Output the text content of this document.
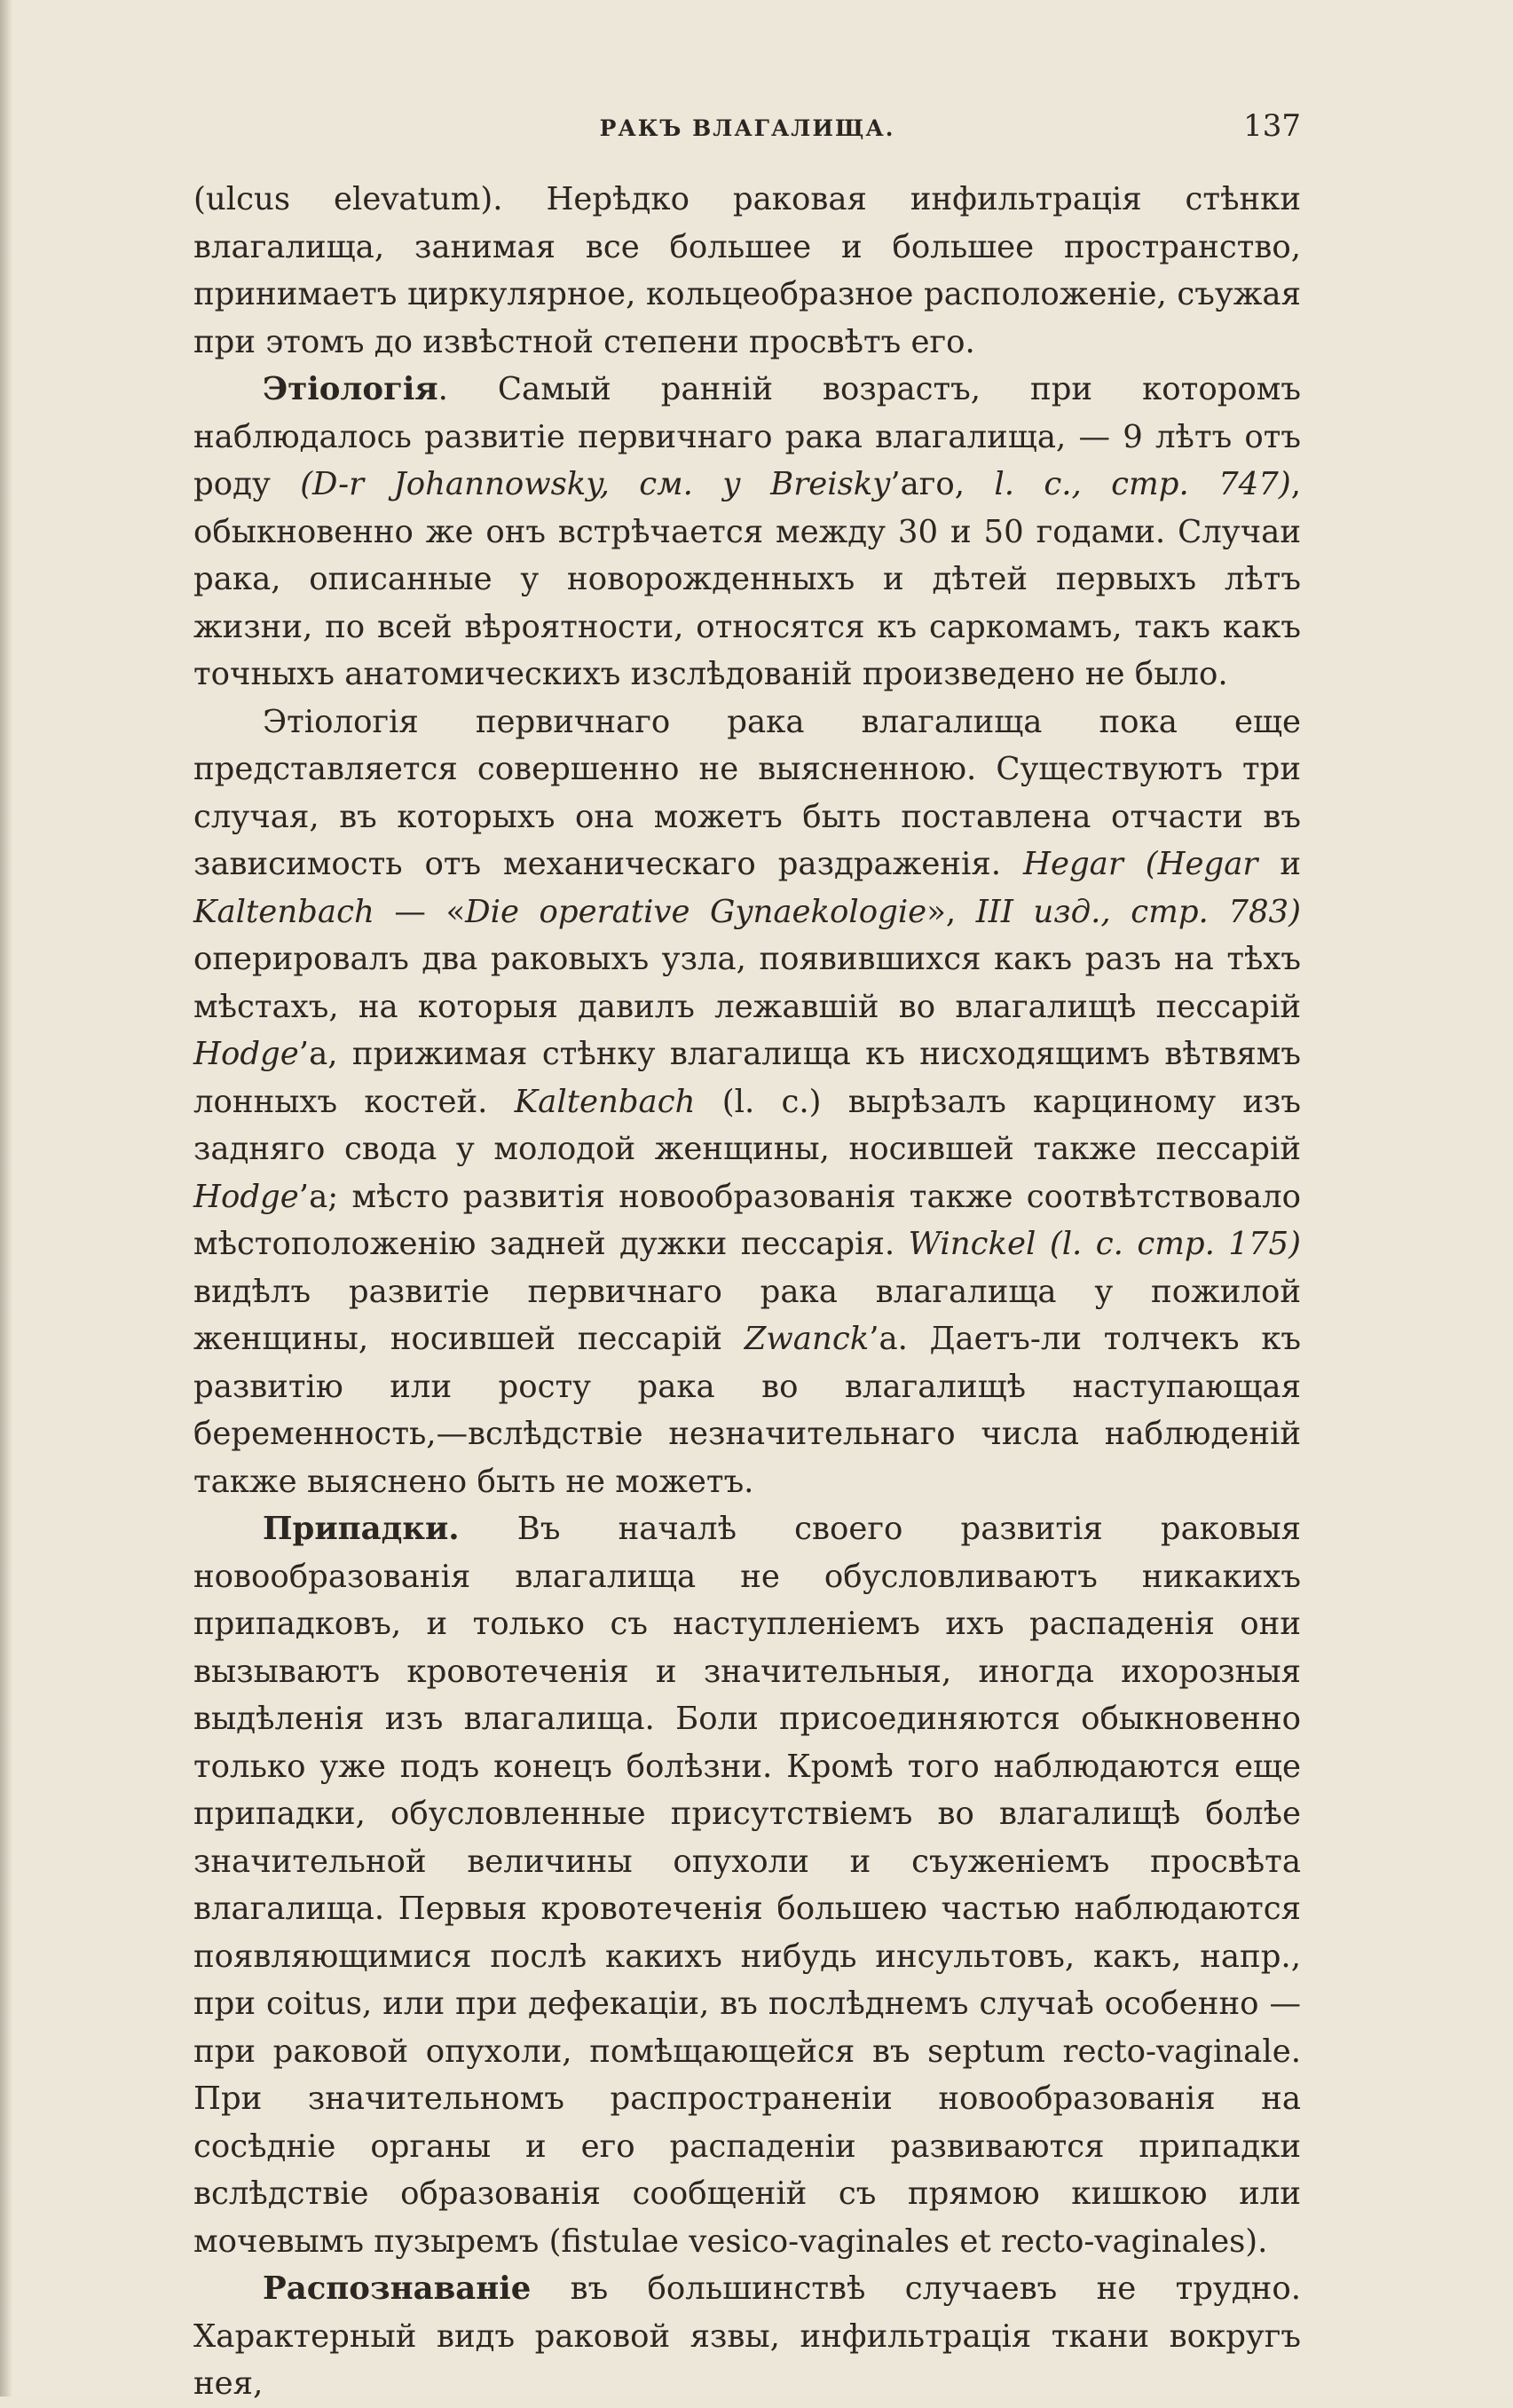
РАКЪ ВЛАГАЛИЩА.	137

(ulcus elevatum). Нерѣдко раковая инфильтрація стѣнки влагалища, занимая все большее и большее пространство, принимаетъ циркулярное, кольцеобразное расположеніе, съужая при этомъ до извѣстной степени просвѣтъ его.

Этіологія. Самый ранній возрастъ, при которомъ наблюдалось развитіе первичнаго рака влагалища, — 9 лѣтъ отъ роду (D-r Johannowsky, см. у Breisky’аго, l. c., стр. 747), обыкновенно же онъ встрѣчается между 30 и 50 годами. Случаи рака, описанные у новорожденныхъ и дѣтей первыхъ лѣтъ жизни, по всей вѣроятности, относятся къ саркомамъ, такъ какъ точныхъ анатомическихъ изслѣдованій произведено не было.

Этіологія первичнаго рака влагалища пока еще представляется совершенно не выясненною. Существуютъ три случая, въ которыхъ она можетъ быть поставлена отчасти въ зависимость отъ механическаго раздраженія. Hegar (Hegar и Kaltenbach — «Die operative Gynaekologie», III изд., стр. 783) оперировалъ два раковыхъ узла, появившихся какъ разъ на тѣхъ мѣстахъ, на которыя давилъ лежавшій во влагалищѣ пессарій Hodge’а, прижимая стѣнку влагалища къ нисходящимъ вѣтвямъ лонныхъ костей. Kaltenbach (l. c.) вырѣзалъ карциному изъ задняго свода у молодой женщины, носившей также пессарій Hodge’а; мѣсто развитія новообразованія также соотвѣтствовало мѣстоположенію задней дужки пессарія. Winckel (l. c. стр. 175) видѣлъ развитіе первичнаго рака влагалища у пожилой женщины, носившей пессарій Zwanck’а. Даетъ-ли толчекъ къ развитію или росту рака во влагалищѣ наступающая беременность,—вслѣдствіе незначительнаго числа наблюденій также выяснено быть не можетъ.

Припадки. Въ началѣ своего развитія раковыя новообразованія влагалища не обусловливаютъ никакихъ припадковъ, и только съ наступленіемъ ихъ распаденія они вызываютъ кровотеченія и значительныя, иногда ихорозныя выдѣленія изъ влагалища. Боли присоединяются обыкновенно только уже подъ конецъ болѣзни. Кромѣ того наблюдаются еще припадки, обусловленные присутствіемъ во влагалищѣ болѣе значительной величины опухоли и съуженіемъ просвѣта влагалища. Первыя кровотеченія большею частью наблюдаются появляющимися послѣ какихъ нибудь инсультовъ, какъ, напр., при coitus, или при дефекаціи, въ послѣднемъ случаѣ особенно — при раковой опухоли, помѣщающейся въ septum recto-vaginale. При значительномъ распространеніи новообразованія на сосѣдніе органы и его распаденіи развиваются припадки вслѣдствіе образованія сообщеній съ прямою кишкою или мочевымъ пузыремъ (fistulae vesico-vaginales et recto-vaginales).

Распознаваніе въ большинствѣ случаевъ не трудно. Характерный видъ раковой язвы, инфильтрація ткани вокругъ нея,
